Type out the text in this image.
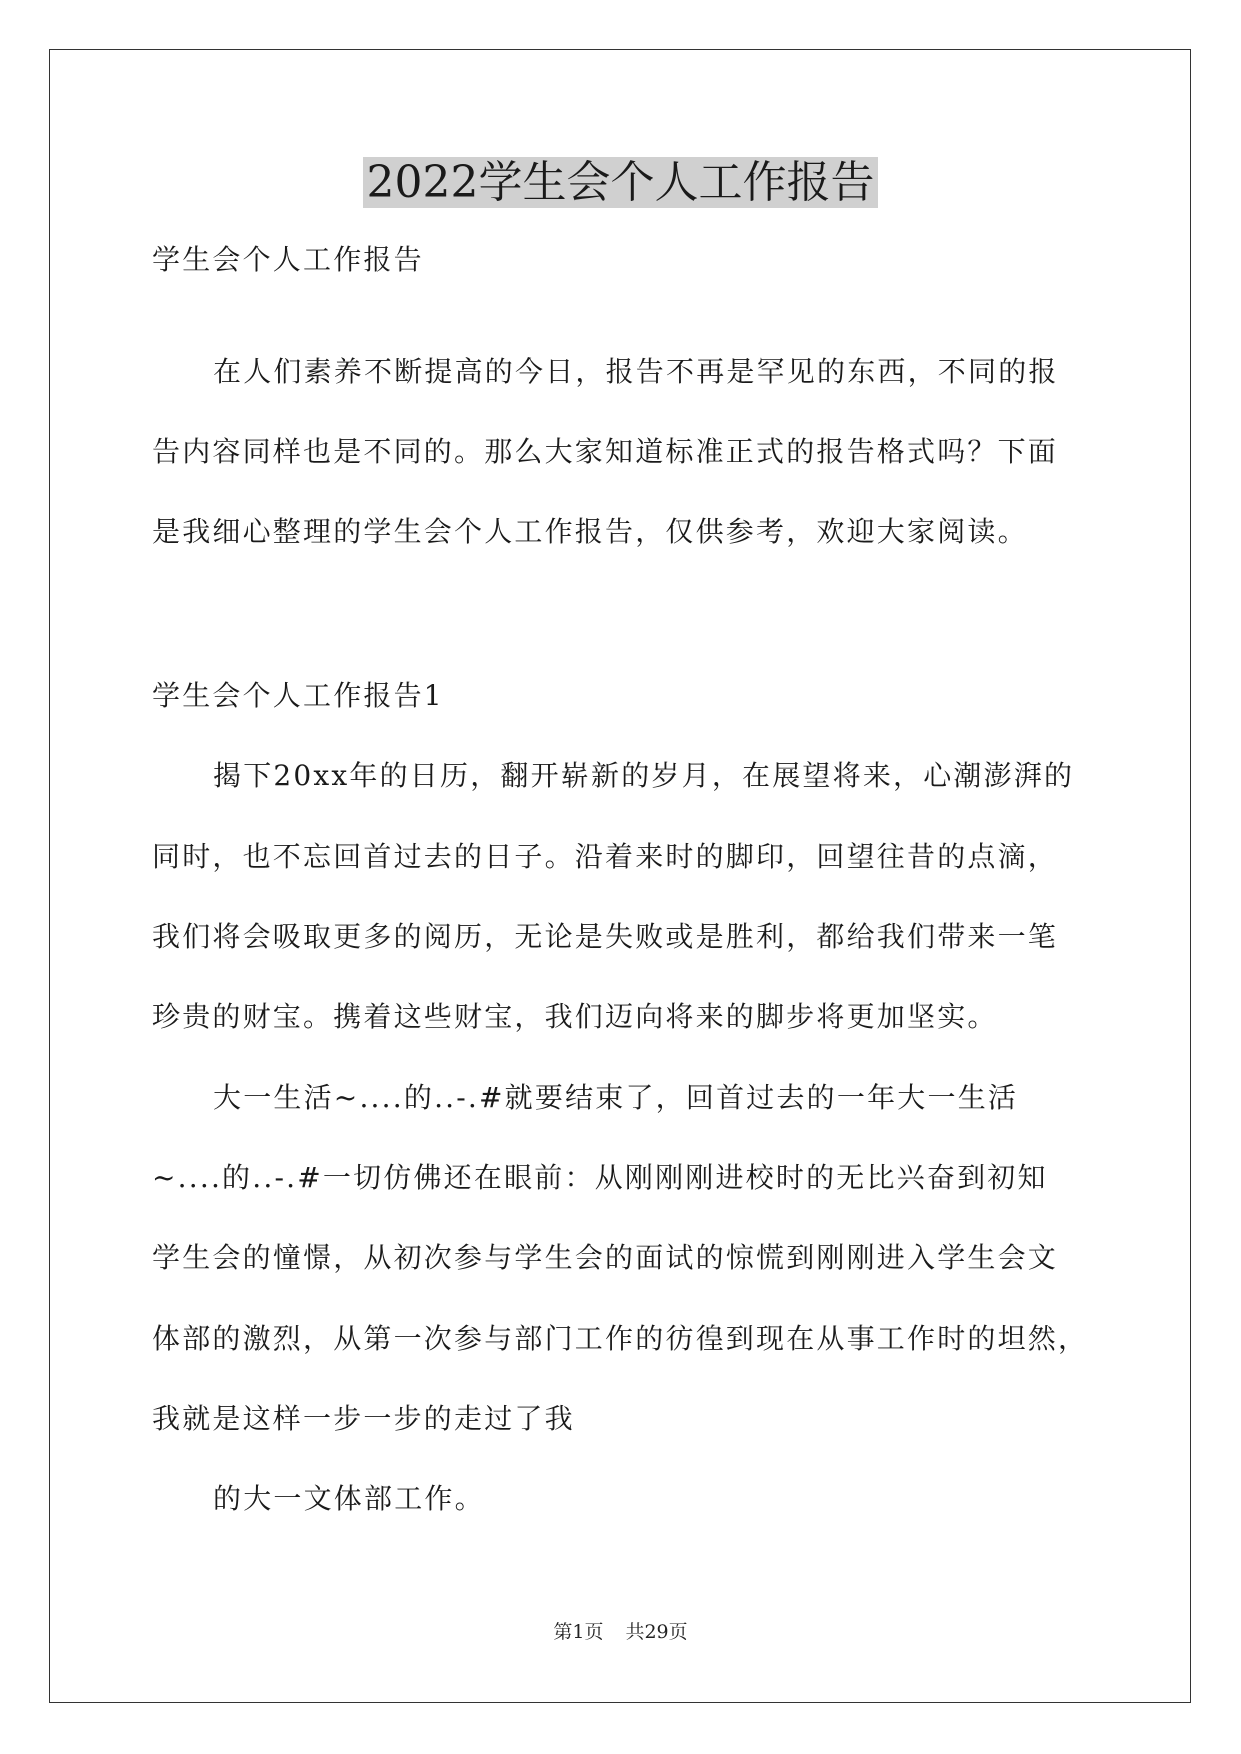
2022学生会个人工作报告

学生会个人工作报告

在人们素养不断提高的今日，报告不再是罕见的东西，不同的报

告内容同样也是不同的。那么大家知道标准正式的报告格式吗？下面

是我细心整理的学生会个人工作报告，仅供参考，欢迎大家阅读。

学生会个人工作报告1

揭下20xx年的日历，翻开崭新的岁月，在展望将来，心潮澎湃的

同时，也不忘回首过去的日子。沿着来时的脚印，回望往昔的点滴，

我们将会吸取更多的阅历，无论是失败或是胜利，都给我们带来一笔

珍贵的财宝。携着这些财宝，我们迈向将来的脚步将更加坚实。

大一生活~....的..-.#就要结束了，回首过去的一年大一生活

~....的..-.#一切仿佛还在眼前：从刚刚刚进校时的无比兴奋到初知

学生会的憧憬，从初次参与学生会的面试的惊慌到刚刚进入学生会文

体部的激烈，从第一次参与部门工作的彷徨到现在从事工作时的坦然，

我就是这样一步一步的走过了我

的大一文体部工作。

第1页 共29页
